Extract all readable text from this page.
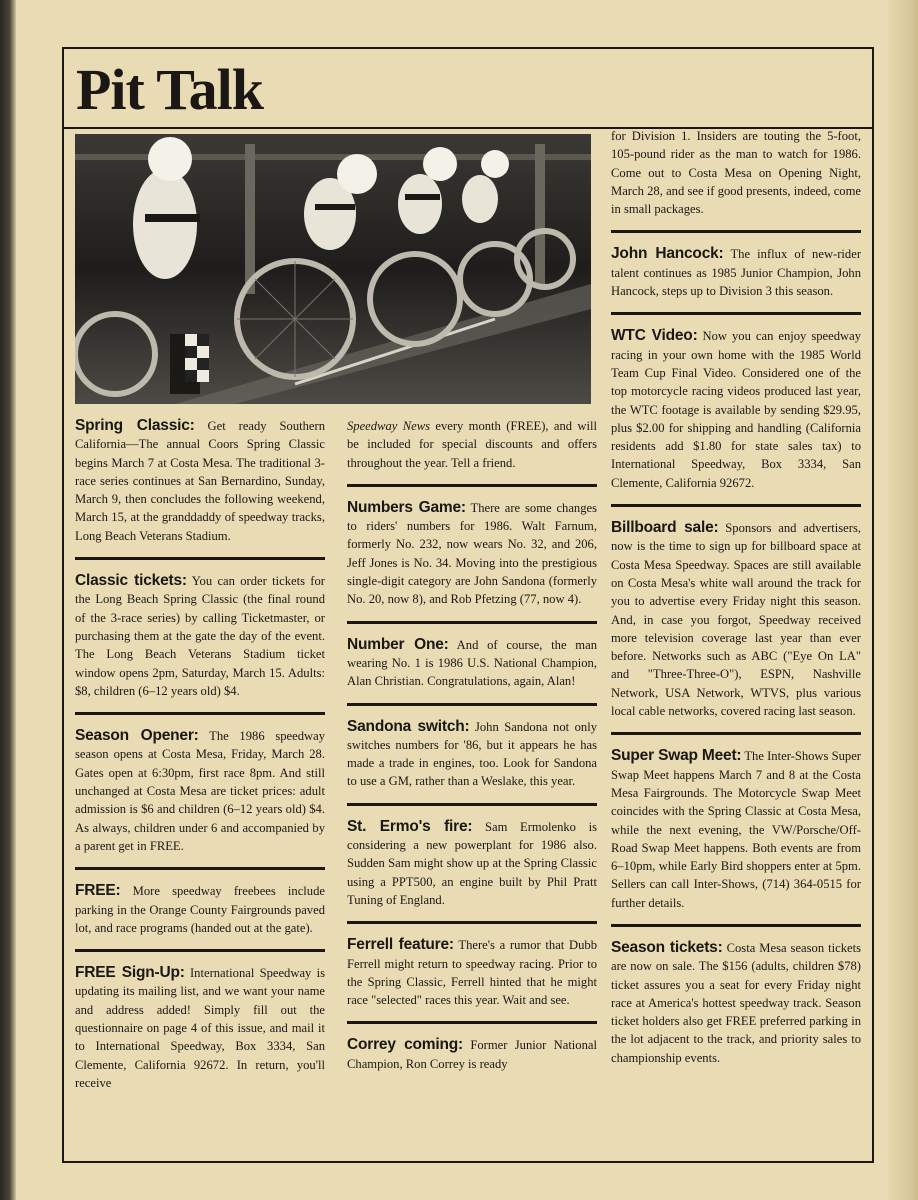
Pit Talk

Spring Classic: Get ready Southern California—The annual Coors Spring Classic begins March 7 at Costa Mesa. The traditional 3-race series continues at San Bernardino, Sunday, March 9, then concludes the following weekend, March 15, at the granddaddy of speedway tracks, Long Beach Veterans Stadium.

Classic tickets: You can order tickets for the Long Beach Spring Classic (the final round of the 3-race series) by calling Ticketmaster, or purchasing them at the gate the day of the event. The Long Beach Veterans Stadium ticket window opens 2pm, Saturday, March 15. Adults: $8, children (6–12 years old) $4.

Season Opener: The 1986 speedway season opens at Costa Mesa, Friday, March 28. Gates open at 6:30pm, first race 8pm. And still unchanged at Costa Mesa are ticket prices: adult admission is $6 and children (6–12 years old) $4. As always, children under 6 and accompanied by a parent get in FREE.

FREE: More speedway freebees include parking in the Orange County Fairgrounds paved lot, and race programs (handed out at the gate).

FREE Sign-Up: International Speedway is updating its mailing list, and we want your name and address added! Simply fill out the questionnaire on page 4 of this issue, and mail it to International Speedway, Box 3334, San Clemente, California 92672. In return, you'll receive

Speedway News every month (FREE), and will be included for special discounts and offers throughout the year. Tell a friend.

Numbers Game: There are some changes to riders' numbers for 1986. Walt Farnum, formerly No. 232, now wears No. 32, and 206, Jeff Jones is No. 34. Moving into the prestigious single-digit category are John Sandona (formerly No. 20, now 8), and Rob Pfetzing (77, now 4).

Number One: And of course, the man wearing No. 1 is 1986 U.S. National Champion, Alan Christian. Congratulations, again, Alan!

Sandona switch: John Sandona not only switches numbers for '86, but it appears he has made a trade in engines, too. Look for Sandona to use a GM, rather than a Weslake, this year.

St. Ermo's fire: Sam Ermolenko is considering a new powerplant for 1986 also. Sudden Sam might show up at the Spring Classic using a PPT500, an engine built by Phil Pratt Tuning of England.

Ferrell feature: There's a rumor that Dubb Ferrell might return to speedway racing. Prior to the Spring Classic, Ferrell hinted that he might race "selected" races this year. Wait and see.

Correy coming: Former Junior National Champion, Ron Correy is ready

for Division 1. Insiders are touting the 5-foot, 105-pound rider as the man to watch for 1986. Come out to Costa Mesa on Opening Night, March 28, and see if good presents, indeed, come in small packages.

John Hancock: The influx of new-rider talent continues as 1985 Junior Champion, John Hancock, steps up to Division 3 this season.

WTC Video: Now you can enjoy speedway racing in your own home with the 1985 World Team Cup Final Video. Considered one of the top motorcycle racing videos produced last year, the WTC footage is available by sending $29.95, plus $2.00 for shipping and handling (California residents add $1.80 for state sales tax) to International Speedway, Box 3334, San Clemente, California 92672.

Billboard sale: Sponsors and advertisers, now is the time to sign up for billboard space at Costa Mesa Speedway. Spaces are still available on Costa Mesa's white wall around the track for you to advertise every Friday night this season. And, in case you forgot, Speedway received more television coverage last year than ever before. Networks such as ABC ("Eye On LA" and "Three-Three-O"), ESPN, Nashville Network, USA Network, WTVS, plus various local cable networks, covered racing last season.

Super Swap Meet: The Inter-Shows Super Swap Meet happens March 7 and 8 at the Costa Mesa Fairgrounds. The Motorcycle Swap Meet coincides with the Spring Classic at Costa Mesa, while the next evening, the VW/Porsche/Off-Road Swap Meet happens. Both events are from 6–10pm, while Early Bird shoppers enter at 5pm. Sellers can call Inter-Shows, (714) 364-0515 for further details.

Season tickets: Costa Mesa season tickets are now on sale. The $156 (adults, children $78) ticket assures you a seat for every Friday night race at America's hottest speedway track. Season ticket holders also get FREE preferred parking in the lot adjacent to the track, and priority sales to championship events.
